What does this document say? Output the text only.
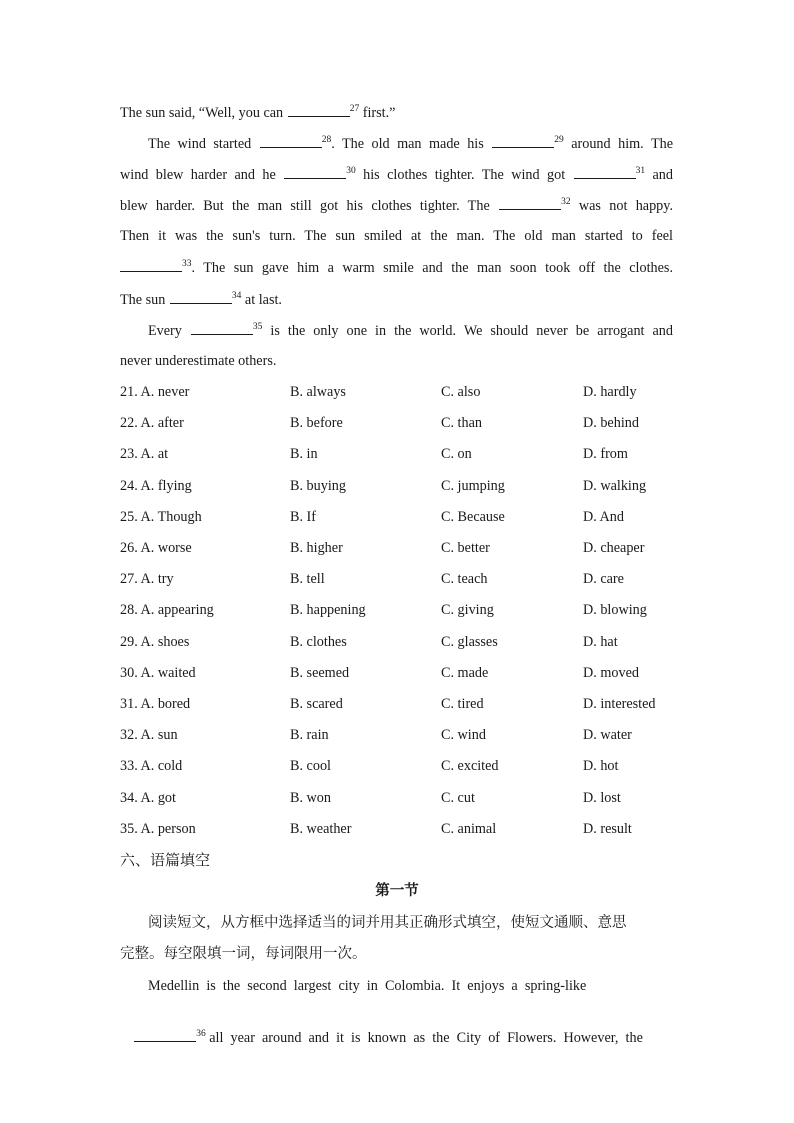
The sun said, “Well, you can	$^{27}$ first.”
The wind started	$^{28}$. The old man made his	$^{29}$ around him. The
wind blew harder and he	$^{30}$ his clothes tighter. The wind got	$^{31}$ and
blew harder. But the man still got his clothes tighter. The	$^{32}$ was not happy.
Then it was the sun's turn. The sun smiled at the man. The old man started to feel
$^{33}$. The sun gave him a warm smile and the man soon took off the clothes.
The sun	$^{34}$ at last.
Every	$^{35}$ is the only one in the world. We should never be arrogant and
never underestimate others.
21. A. never	B. always	C. also	D. hardly
22. A. after	B. before	C. than	D. behind
23. A. at	B. in	C. on	D. from
24. A. flying	B. buying	C. jumping	D. walking
25. A. Though	B. If	C. Because	D. And
26. A. worse	B. higher	C. better	D. cheaper
27. A. try	B. tell	C. teach	D. care
28. A. appearing	B. happening	C. giving	D. blowing
29. A. shoes	B. clothes	C. glasses	D. hat
30. A. waited	B. seemed	C. made	D. moved
31. A. bored	B. scared	C. tired	D. interested
32. A. sun	B. rain	C. wind	D. water
33. A. cold	B. cool	C. excited	D. hot
34. A. got	B. won	C. cut	D. lost
35. A. person	B. weather	C. animal	D. result
六、语篇填空
第一节
阅读短文，从方框中选择适当的词并用其正确形式填空，使短文通顺、意思
完整。每空限填一词，每词限用一次。
Medellin  is  the  second  largest  city  in  Colombia.  It  enjoys  a  spring-like

$^{36}$ all  year  around  and  it  is  known  as  the  City  of  Flowers.  However,  the
